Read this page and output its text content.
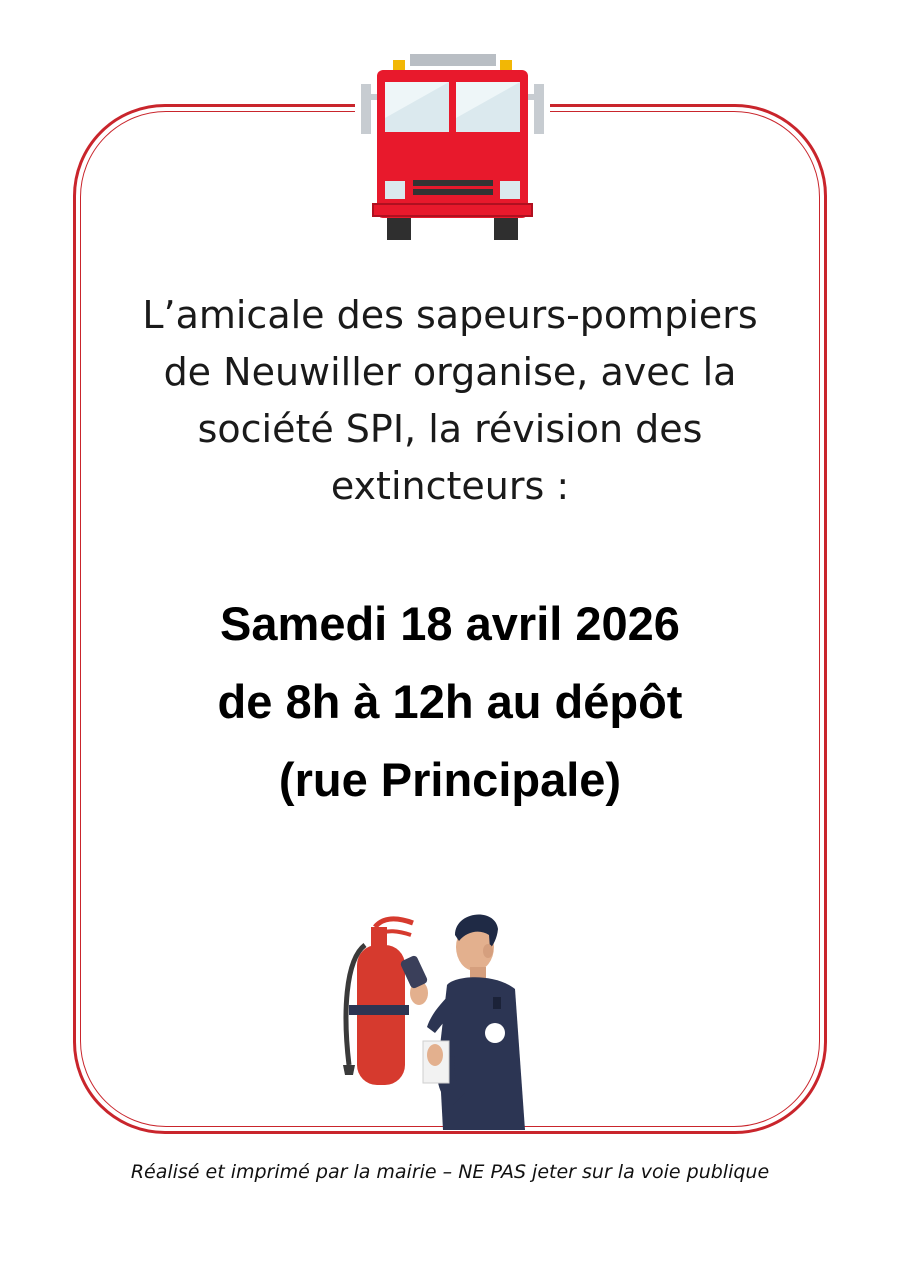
L’amicale des sapeurs-pompiers
de Neuwiller organise, avec la
société SPI, la révision des
extincteurs :
Samedi 18 avril 2026
de 8h à 12h au dépôt
(rue Principale)
Réalisé et imprimé par la mairie – NE PAS jeter sur la voie publique
